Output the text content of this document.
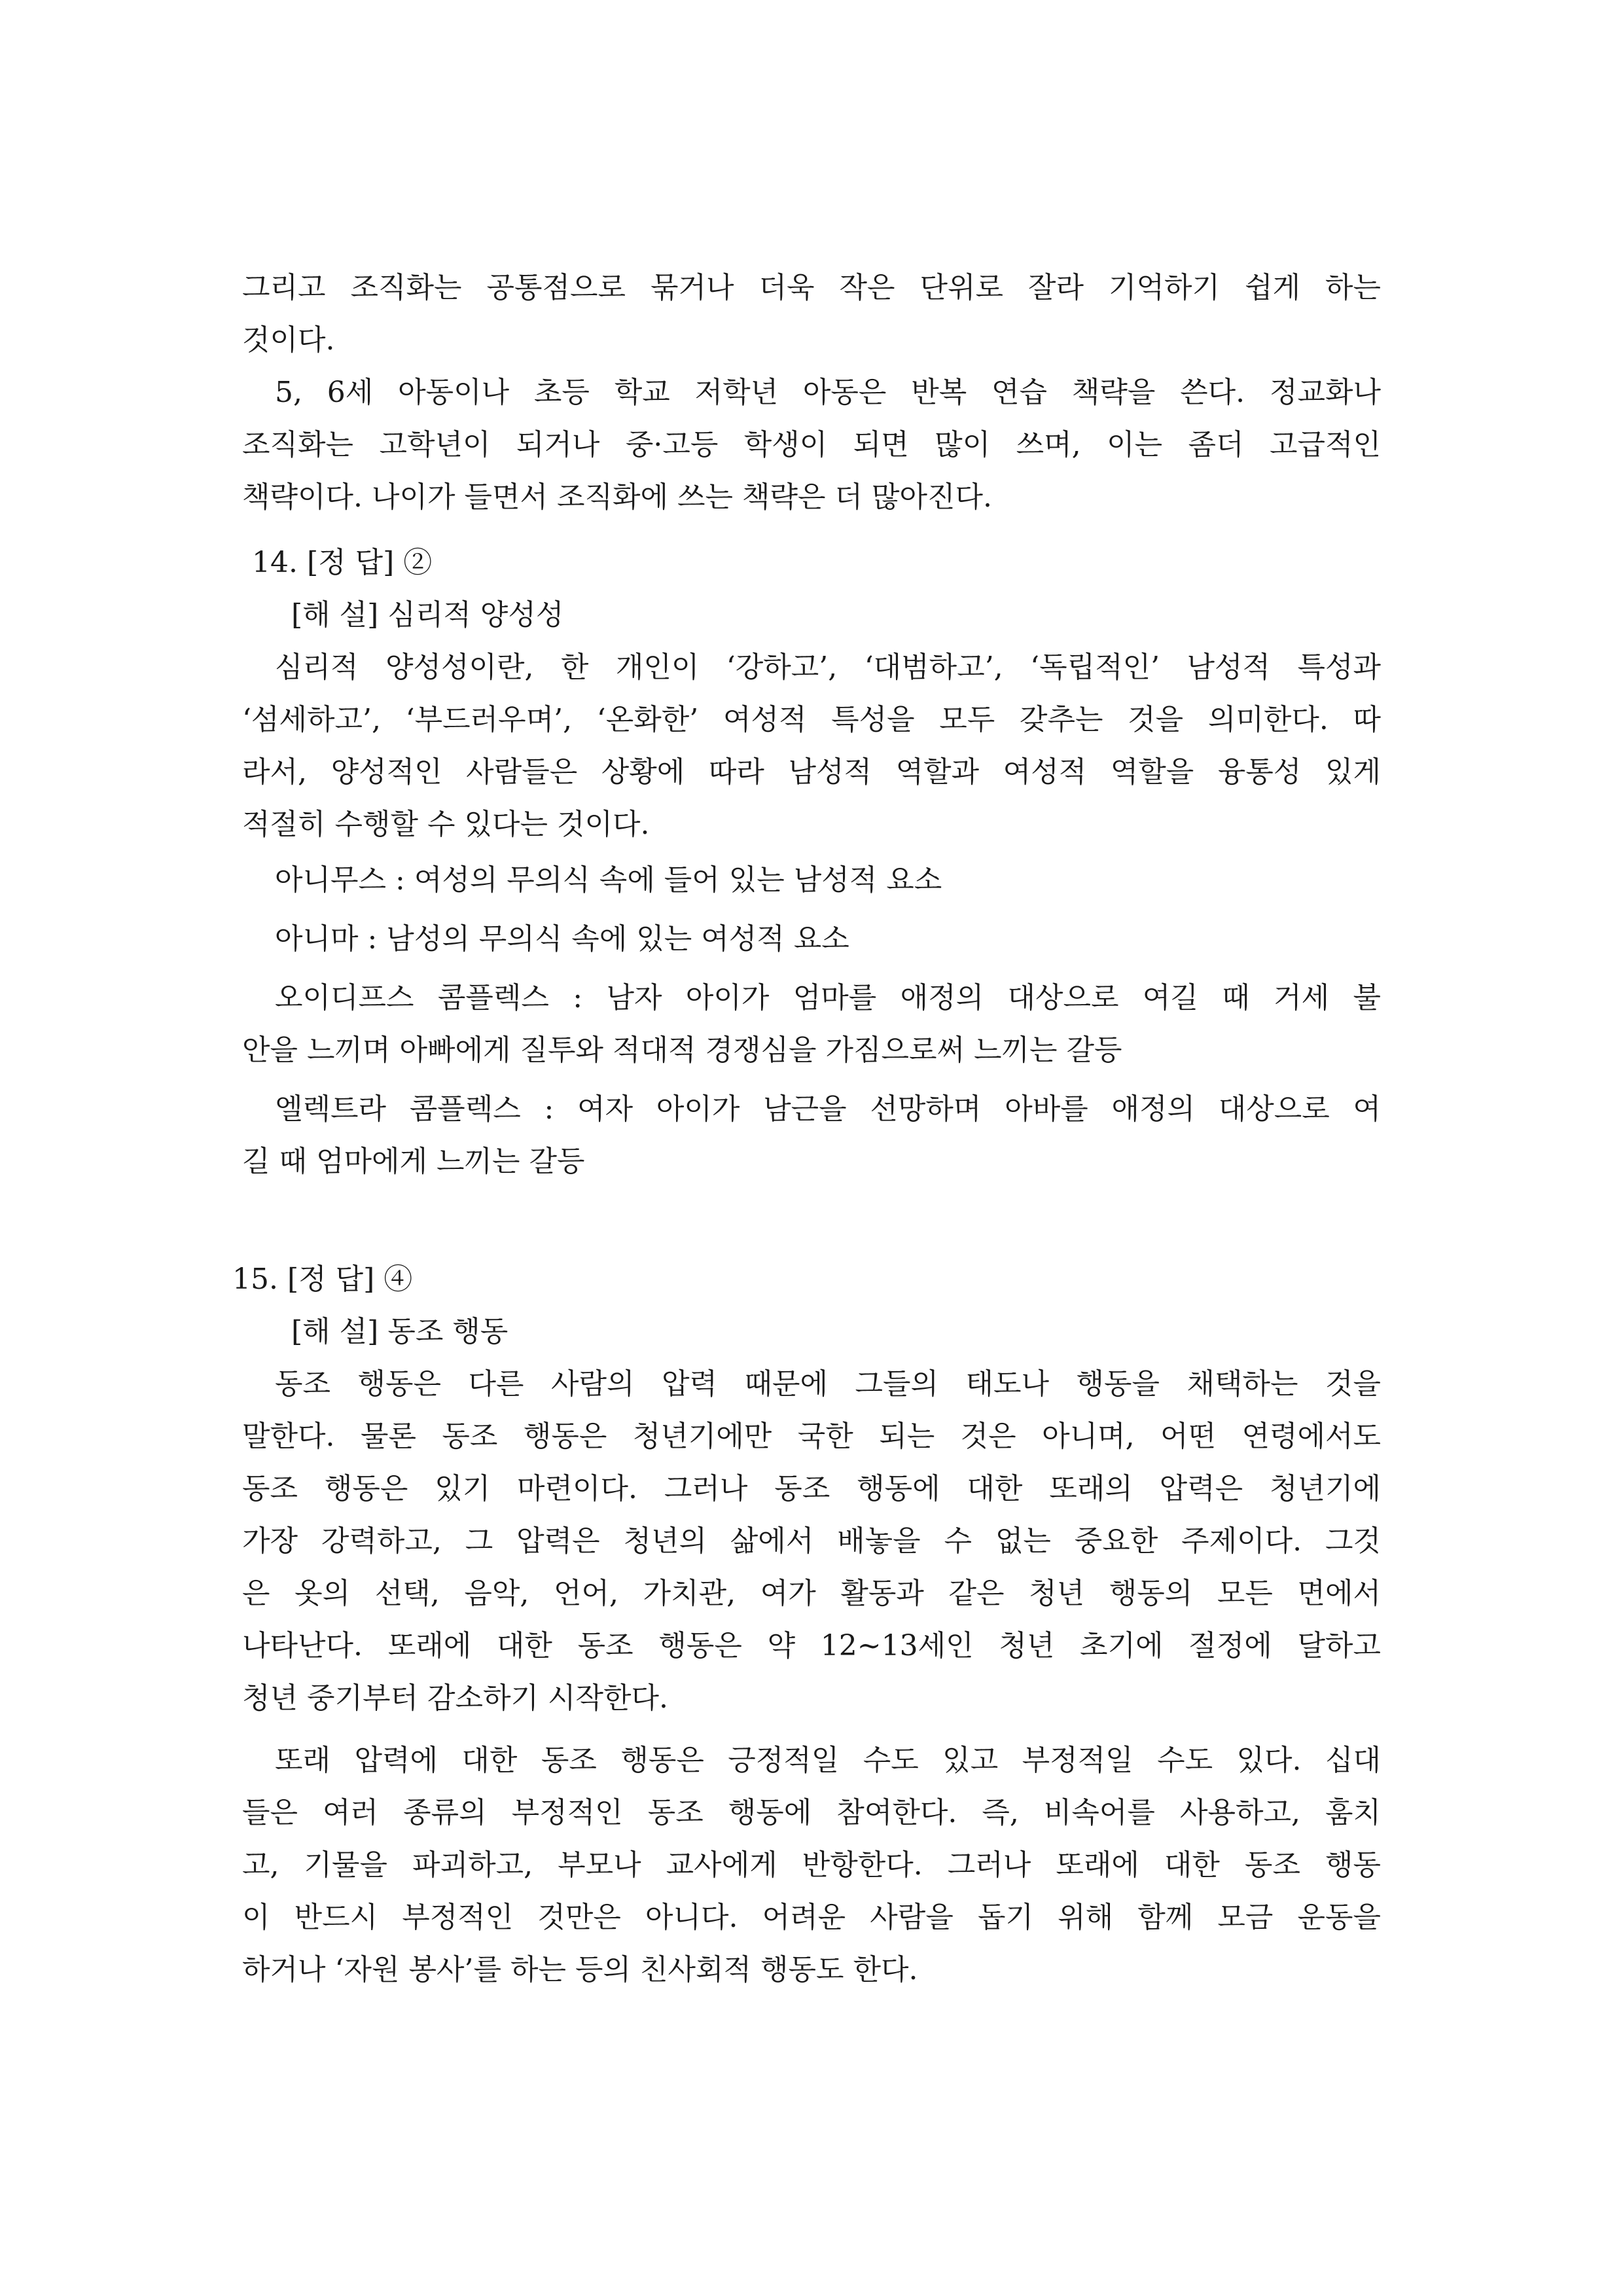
그리고 조직화는 공통점으로 묶거나 더욱 작은 단위로 잘라 기억하기 쉽게 하는
것이다.
5, 6세 아동이나 초등 학교 저학년 아동은 반복 연습 책략을 쓴다. 정교화나
조직화는 고학년이 되거나 중·고등 학생이 되면 많이 쓰며, 이는 좀더 고급적인
책략이다. 나이가 들면서 조직화에 쓰는 책략은 더 많아진다.
14. [정 답] ②
[해 설] 심리적 양성성
심리적 양성성이란, 한 개인이 ‘강하고’, ‘대범하고’, ‘독립적인’ 남성적 특성과
‘섬세하고’, ‘부드러우며’, ‘온화한’ 여성적 특성을 모두 갖추는 것을 의미한다. 따
라서, 양성적인 사람들은 상황에 따라 남성적 역할과 여성적 역할을 융통성 있게
적절히 수행할 수 있다는 것이다.
아니무스 : 여성의 무의식 속에 들어 있는 남성적 요소
아니마 : 남성의 무의식 속에 있는 여성적 요소
오이디프스 콤플렉스 : 남자 아이가 엄마를 애정의 대상으로 여길 때 거세 불
안을 느끼며 아빠에게 질투와 적대적 경쟁심을 가짐으로써 느끼는 갈등
엘렉트라 콤플렉스 : 여자 아이가 남근을 선망하며 아바를 애정의 대상으로 여
길 때 엄마에게 느끼는 갈등
15. [정 답] ④
[해 설] 동조 행동
동조 행동은 다른 사람의 압력 때문에 그들의 태도나 행동을 채택하는 것을
말한다. 물론 동조 행동은 청년기에만 국한 되는 것은 아니며, 어떤 연령에서도
동조 행동은 있기 마련이다. 그러나 동조 행동에 대한 또래의 압력은 청년기에
가장 강력하고, 그 압력은 청년의 삶에서 배놓을 수 없는 중요한 주제이다. 그것
은 옷의 선택, 음악, 언어, 가치관, 여가 활동과 같은 청년 행동의 모든 면에서
나타난다. 또래에 대한 동조 행동은 약 12~13세인 청년 초기에 절정에 달하고
청년 중기부터 감소하기 시작한다.
또래 압력에 대한 동조 행동은 긍정적일 수도 있고 부정적일 수도 있다. 십대
들은 여러 종류의 부정적인 동조 행동에 참여한다. 즉, 비속어를 사용하고, 훔치
고, 기물을 파괴하고, 부모나 교사에게 반항한다. 그러나 또래에 대한 동조 행동
이 반드시 부정적인 것만은 아니다. 어려운 사람을 돕기 위해 함께 모금 운동을
하거나 ‘자원 봉사’를 하는 등의 친사회적 행동도 한다.
